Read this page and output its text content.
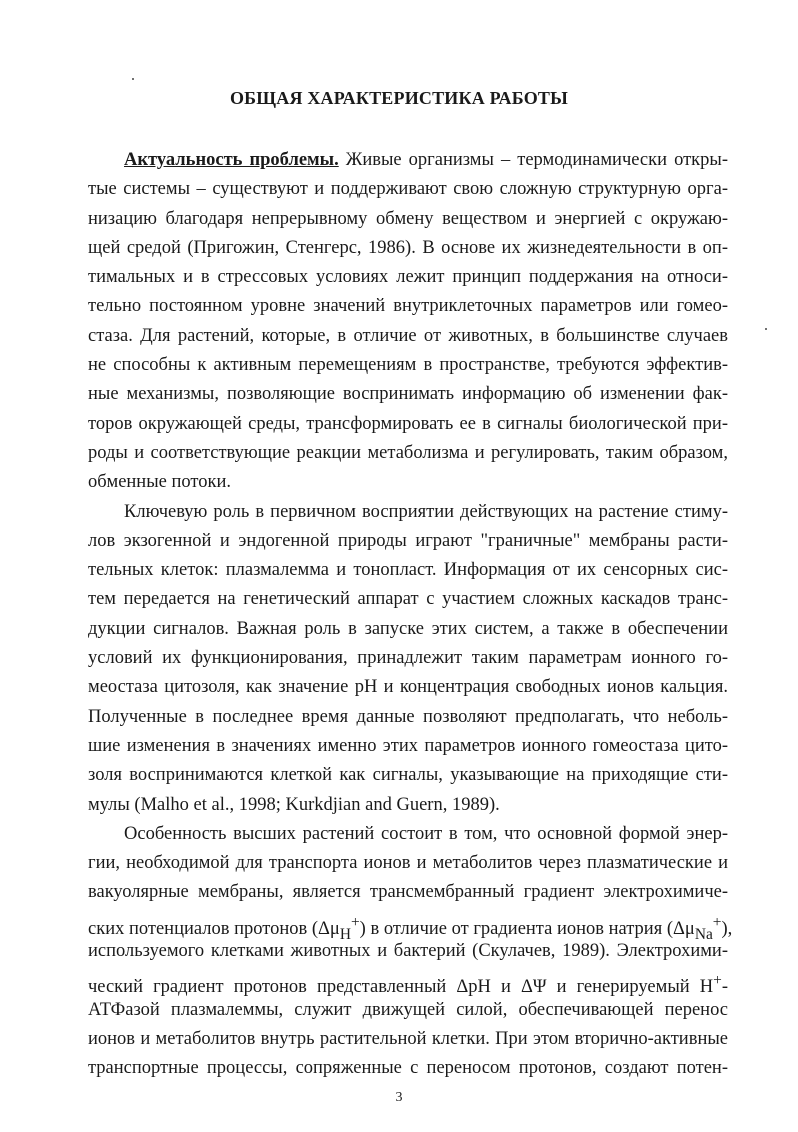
ОБЩАЯ ХАРАКТЕРИСТИКА РАБОТЫ
Актуальность проблемы. Живые организмы – термодинамически откры-
тые системы – существуют и поддерживают свою сложную структурную орга-
низацию благодаря непрерывному обмену веществом и энергией с окружаю-
щей средой (Пригожин, Стенгерс, 1986). В основе их жизнедеятельности в оп-
тимальных и в стрессовых условиях лежит принцип поддержания на относи-
тельно постоянном уровне значений внутриклеточных параметров или гомео-
стаза. Для растений, которые, в отличие от животных, в большинстве случаев
не способны к активным перемещениям в пространстве, требуются эффектив-
ные механизмы, позволяющие воспринимать информацию об изменении фак-
торов окружающей среды, трансформировать ее в сигналы биологической при-
роды и соответствующие реакции метаболизма и регулировать, таким образом,
обменные потоки.
Ключевую роль в первичном восприятии действующих на растение стиму-
лов экзогенной и эндогенной природы играют "граничные" мембраны расти-
тельных клеток: плазмалемма и тонопласт. Информация от их сенсорных сис-
тем передается на генетический аппарат с участием сложных каскадов транс-
дукции сигналов. Важная роль в запуске этих систем, а также в обеспечении
условий их функционирования, принадлежит таким параметрам ионного го-
меостаза цитозоля, как значение pH и концентрация свободных ионов кальция.
Полученные в последнее время данные позволяют предполагать, что неболь-
шие изменения в значениях именно этих параметров ионного гомеостаза цито-
золя воспринимаются клеткой как сигналы, указывающие на приходящие сти-
мулы (Malho et al., 1998; Kurkdjian and Guern, 1989).
Особенность высших растений состоит в том, что основной формой энер-
гии, необходимой для транспорта ионов и метаболитов через плазматические и
вакуолярные мембраны, является трансмембранный градиент электрохимиче-
ских потенциалов протонов $(\Delta\mu_H^+)$ в отличие от градиента ионов натрия $(\Delta\mu_{Na}^+)$,
используемого клетками животных и бактерий (Скулачев, 1989). Электрохими-
ческий градиент протонов представленный ΔpH и ΔΨ и генерируемый H+-
АТФазой плазмалеммы, служит движущей силой, обеспечивающей перенос
ионов и метаболитов внутрь растительной клетки. При этом вторично-активные
транспортные процессы, сопряженные с переносом протонов, создают потен-
3
